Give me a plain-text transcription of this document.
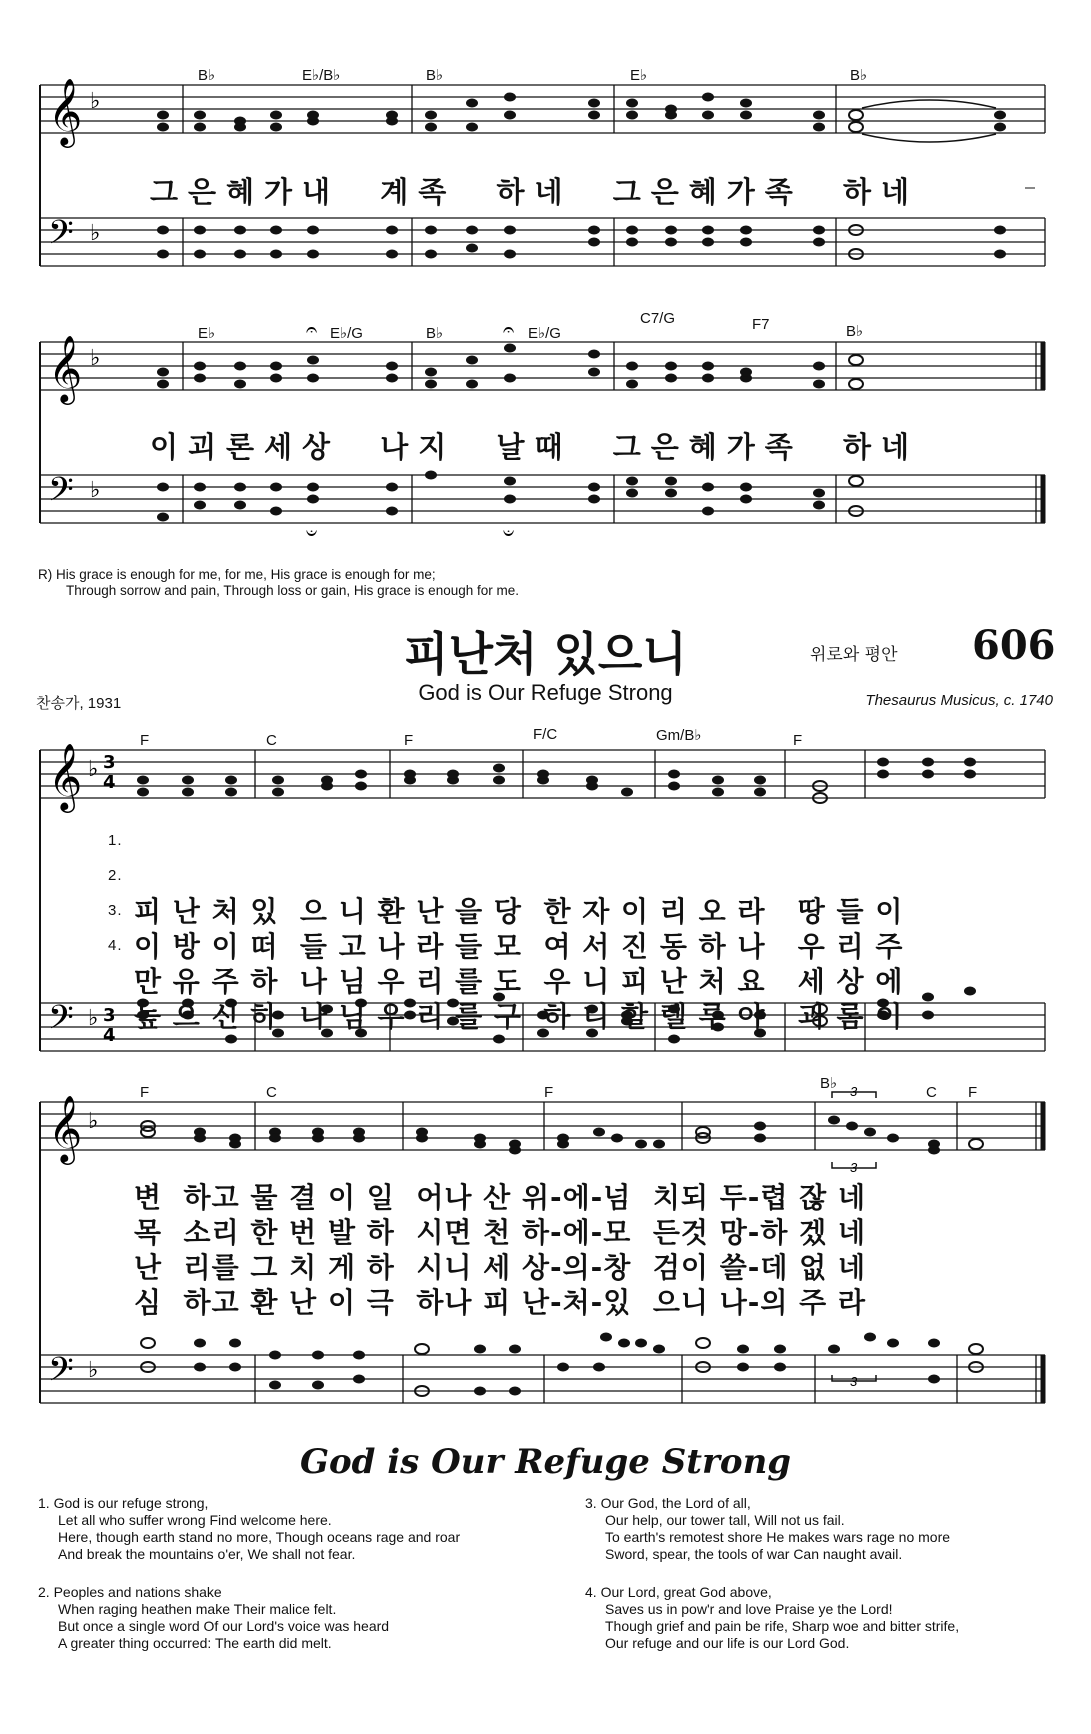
𝄞
𝄢
♭
♭
B♭	E♭/B♭	B♭	E♭	B♭
그은혜가내  계족  하네  그은혜가족  하네
𝄞
𝄢
♭
♭
𝄐	𝄐
𝄑	𝄑
E♭	E♭/G	B♭	E♭/G
C7/G	F7	B♭
이괴론세상  나지  날때  그은혜가족  하네
R) His grace is enough for me, for me, His grace is enough for me;
Through sorrow and pain, Through loss or gain, His grace is enough for me.
피난처 있으니
God is Our Refuge Strong
위로와 평안 606
찬송가, 1931	Thesaurus Musicus, c. 1740
𝄞
𝄢
♭
♭
3
4
3
4
F	C	F	F/C	Gm/B♭	F

1.

피 난 처 있  으 니 환 난 을 당  한 자 이 리 오 라   땅 들 이

2.

이 방 이 떠  들 고 나 라 들 모  여 서 진 동 하 나   우 리 주

3.

만 유 주 하  나 님 우 리 를 도  우 니 피 난 처 요   세 상 에

4.

높 으 신 하  나 님 우 리 를 구  하 니 할 렐 루 야   괴 롬 이

𝄞
𝄢
♭
♭
3
3
3
F	C	F
B♭
C F
변  하고 물 결 이 일  어나 산 위-에-넘  치되 두-렵 잖 네
목  소리 한 번 발 하  시면 천 하-에-모  든것 망-하 겠 네
난  리를 그 치 게 하  시니 세 상-의-창  검이 쓸-데 없 네
심  하고 환 난 이 극  하나 피 난-처-있  으니 나-의 주 라
God is Our Refuge Strong
1. God is our refuge strong,
Let all who suffer wrong Find welcome here.
Here, though earth stand no more, Though oceans rage and roar
And break the mountains o'er, We shall not fear.
2. Peoples and nations shake
When raging heathen make Their malice felt.
But once a single word Of our Lord's voice was heard
A greater thing occurred: The earth did melt.
3. Our God, the Lord of all,
Our help, our tower tall, Will not us fail.
To earth's remotest shore He makes wars rage no more
Sword, spear, the tools of war Can naught avail.
4. Our Lord, great God above,
Saves us in pow'r and love Praise ye the Lord!
Though grief and pain be rife, Sharp woe and bitter strife,
Our refuge and our life is our Lord God.
